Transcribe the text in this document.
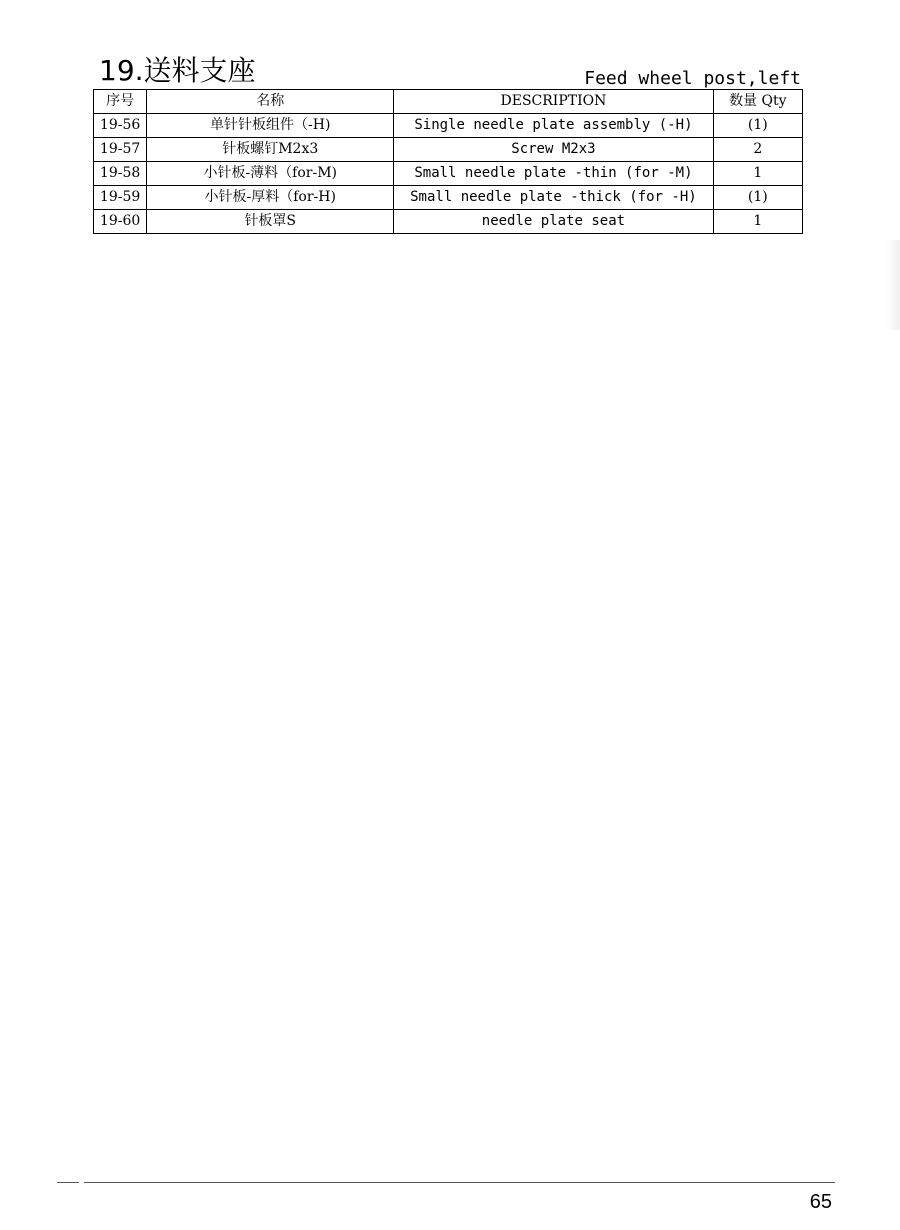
19.送料支座	Feed wheel post,left
序号	名称	DESCRIPTION	数量 Qty
19-56	单针针板组件（-H)	Single needle plate assembly (-H)	(1)
19-57	针板螺钉M2x3	Screw M2x3	2
19-58	小针板-薄料（for-M)	Small needle plate -thin (for -M)	1
19-59	小针板-厚料（for-H)	Small needle plate -thick (for -H)	(1)
19-60	针板罩S	needle plate seat	1
65
